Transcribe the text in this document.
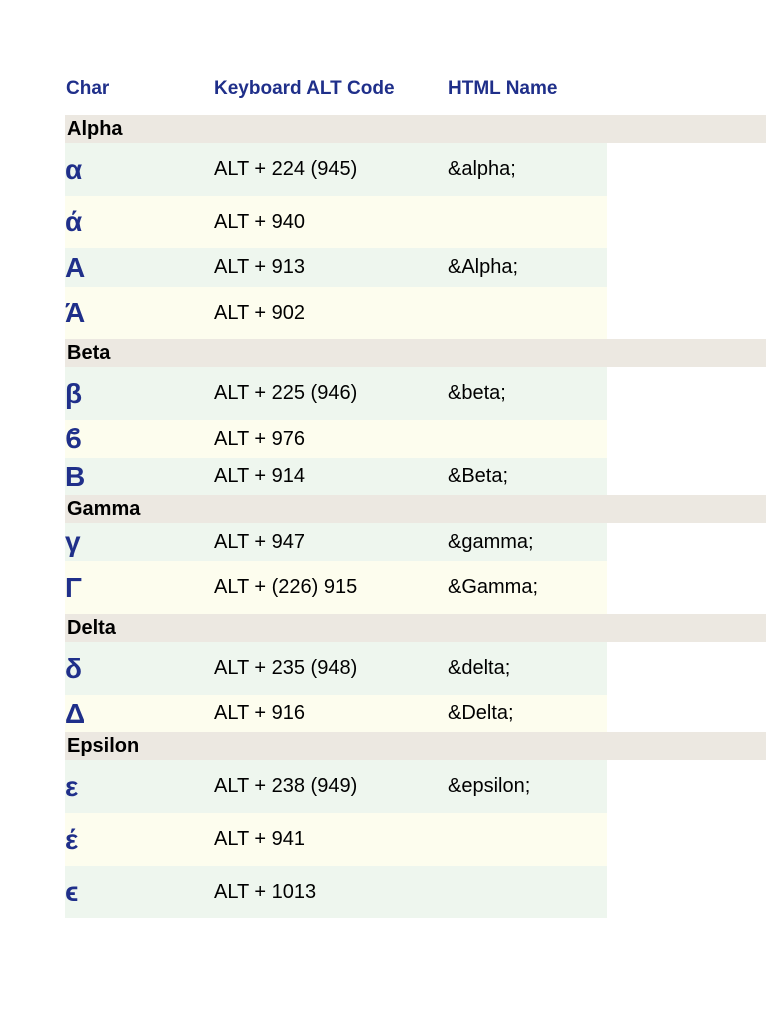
Char	Keyboard ALT Code	HTML Name
Alpha
α	ALT + 224 (945)	&alpha;
ά	ALT + 940
Α	ALT + 913	&Alpha;
Ά	ALT + 902
Beta
β	ALT + 225 (946)	&beta;
ϐ	ALT + 976
Β	ALT + 914	&Beta;
Gamma
γ	ALT + 947	&gamma;
Γ	ALT + (226) 915	&Gamma;
Delta
δ	ALT + 235 (948)	&delta;
Δ	ALT + 916	&Delta;
Epsilon
ε	ALT + 238 (949)	&epsilon;
έ	ALT + 941
ϵ	ALT + 1013
